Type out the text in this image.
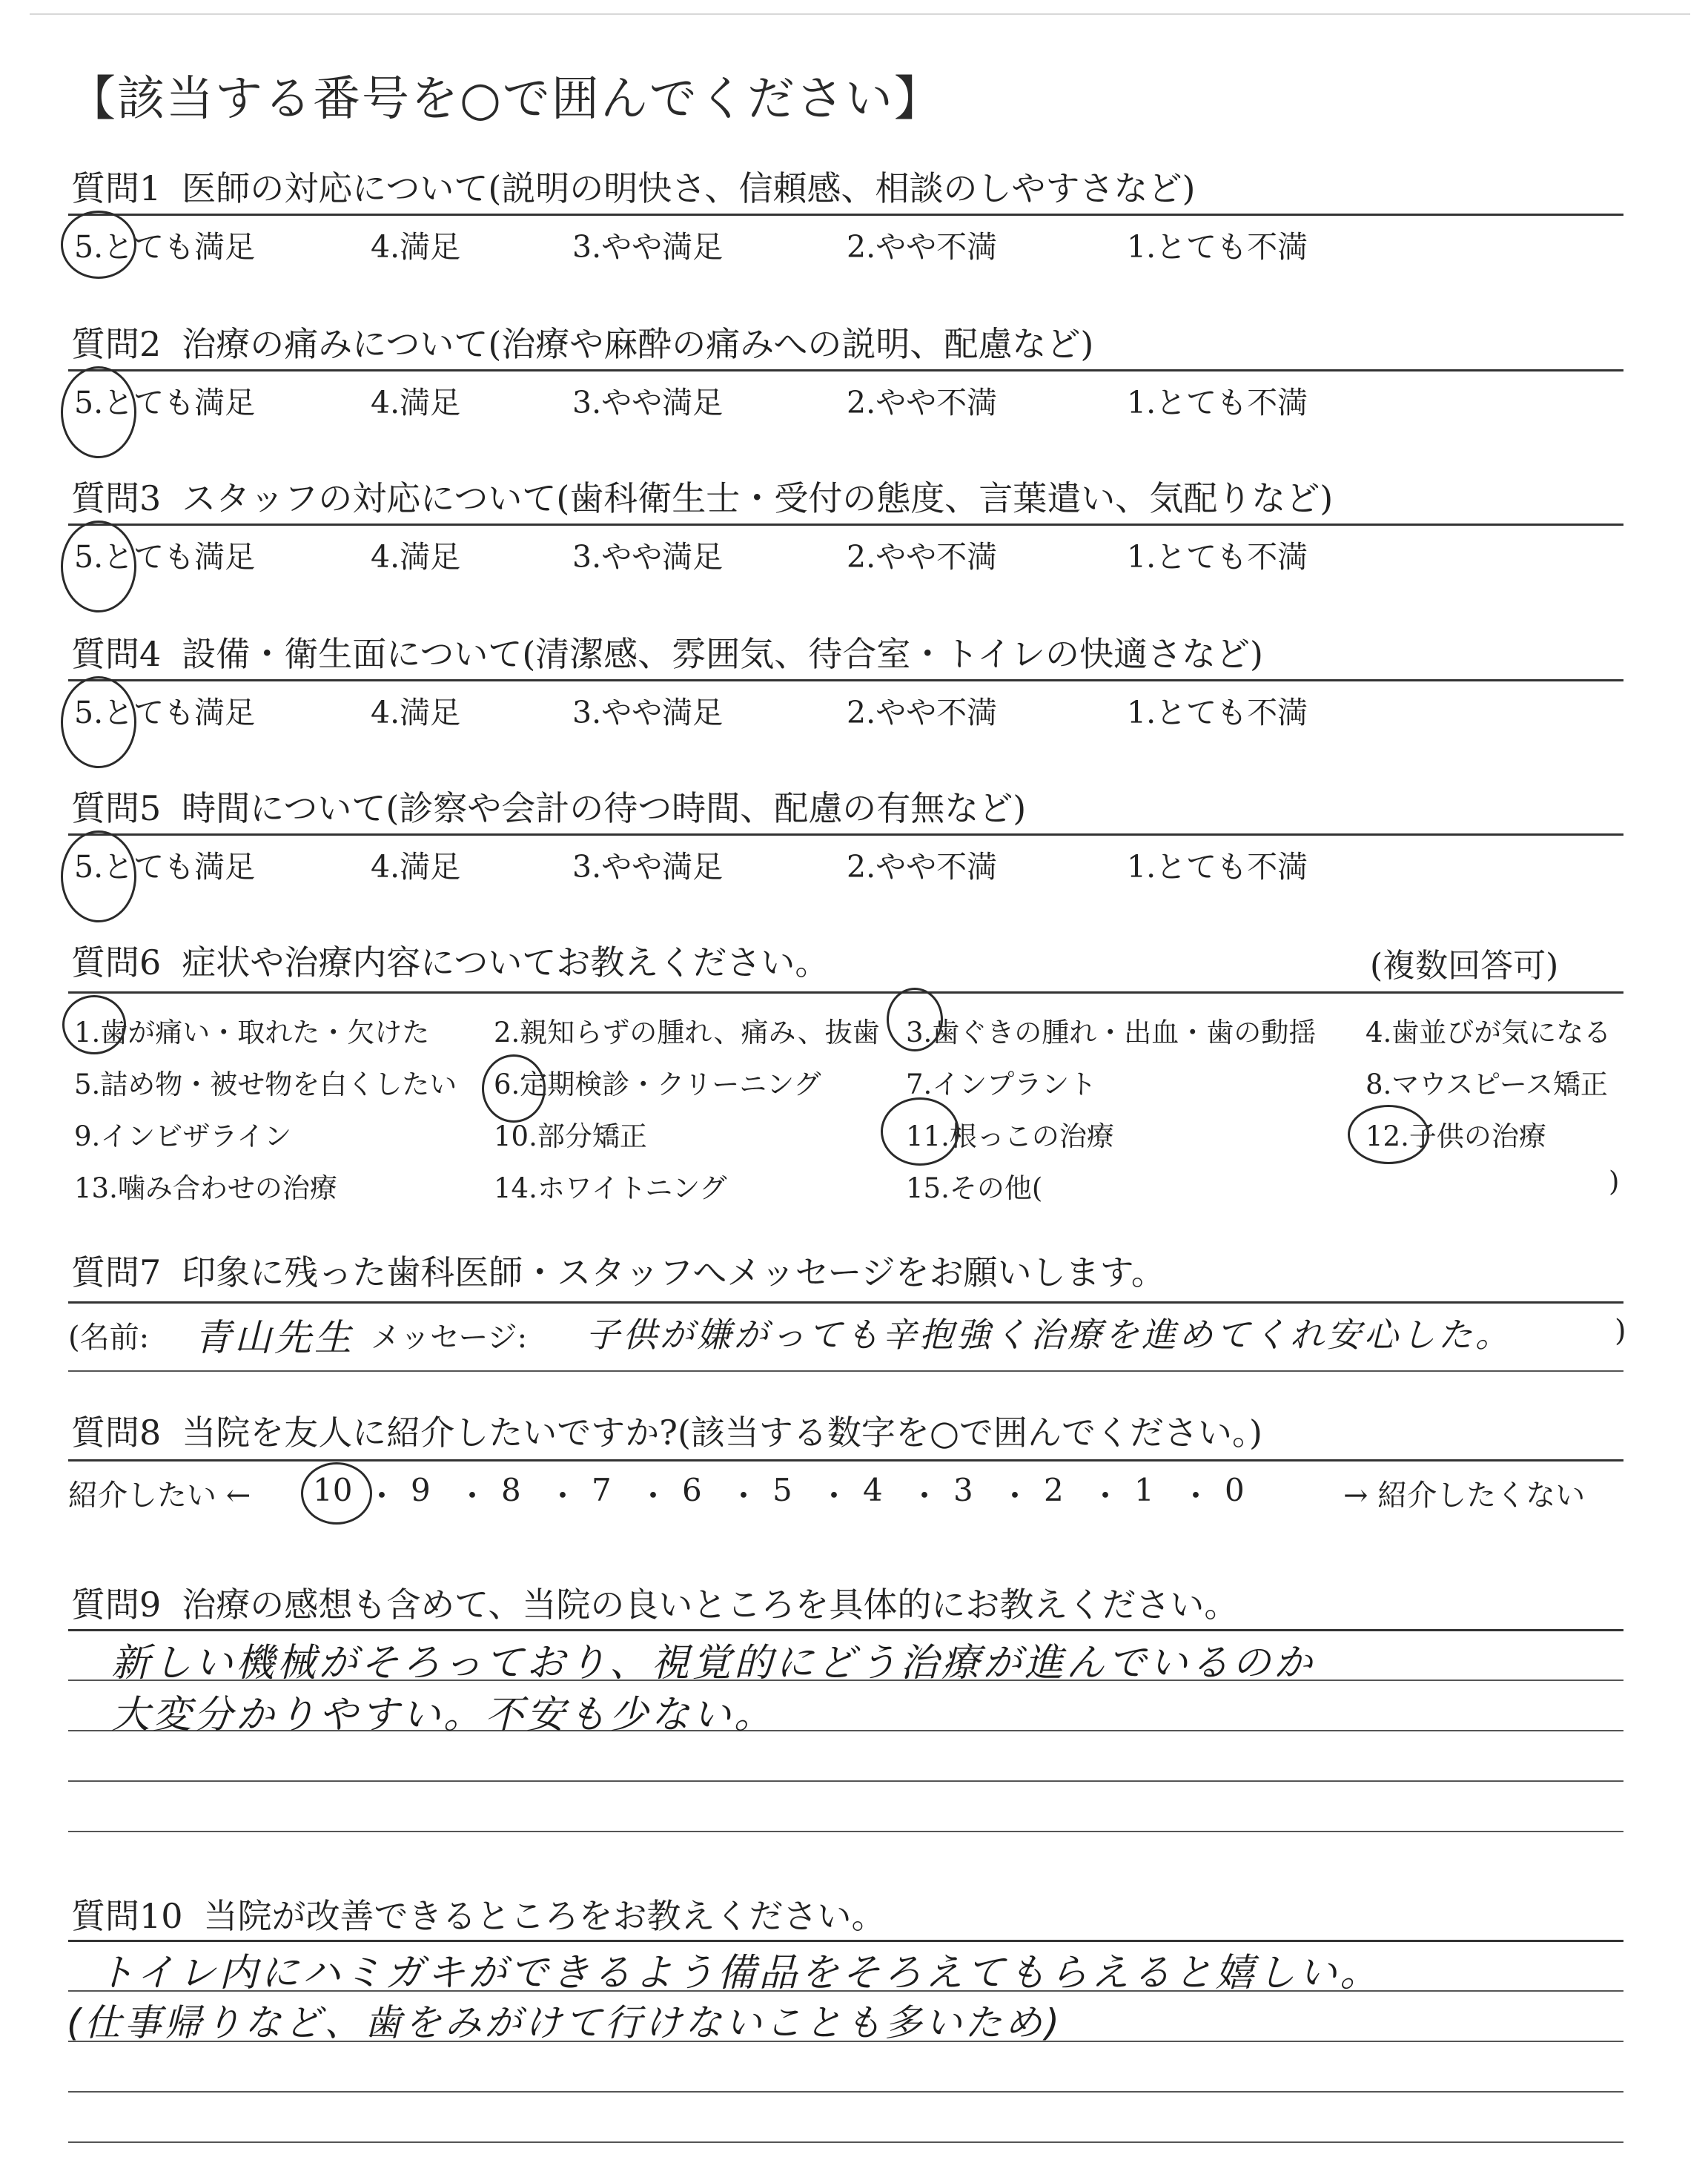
【該当する番号を○で囲んでください】
質問1 医師の対応について(説明の明快さ、信頼感、相談のしやすさなど)
5.とても満足	4.満足	3.やや満足	2.やや不満	1.とても不満
質問2 治療の痛みについて(治療や麻酔の痛みへの説明、配慮など)
5.とても満足	4.満足	3.やや満足	2.やや不満	1.とても不満
質問3 スタッフの対応について(歯科衛生士・受付の態度、言葉遣い、気配りなど)
5.とても満足	4.満足	3.やや満足	2.やや不満	1.とても不満
質問4 設備・衛生面について(清潔感、雰囲気、待合室・トイレの快適さなど)
5.とても満足	4.満足	3.やや満足	2.やや不満	1.とても不満
質問5 時間について(診察や会計の待つ時間、配慮の有無など)
5.とても満足	4.満足	3.やや満足	2.やや不満	1.とても不満
質問6 症状や治療内容についてお教えください。	(複数回答可)
1.歯が痛い・取れた・欠けた 2.親知らずの腫れ、痛み、抜歯 3.歯ぐきの腫れ・出血・歯の動揺 4.歯並びが気になる
5.詰め物・被せ物を白くしたい 6.定期検診・クリーニング	7.インプラント	8.マウスピース矯正
9.インビザライン	10.部分矯正	11.根っこの治療	12.子供の治療
13.噛み合わせの治療	14.ホワイトニング	15.その他(	)
質問7 印象に残った歯科医師・スタッフへメッセージをお願いします。
(名前: 青山先生 メッセージ: 子供が嫌がっても辛抱強く治療を進めてくれ安心した。	)
質問8 当院を友人に紹介したいですか?(該当する数字を○で囲んでください。)
紹介したい ← 10 ・ 9 ・ 8 ・ 7 ・ 6 ・ 5 ・ 4 ・ 3 ・ 2 ・ 1 ・ 0	→ 紹介したくない
質問9 治療の感想も含めて、当院の良いところを具体的にお教えください。
新しい機械がそろっており、視覚的にどう治療が進んでいるのか
大変分かりやすい。不安も少ない。
質問10 当院が改善できるところをお教えください。
トイレ内にハミガキができるよう備品をそろえてもらえると嬉しい。
(仕事帰りなど、歯をみがけて行けないことも多いため)
